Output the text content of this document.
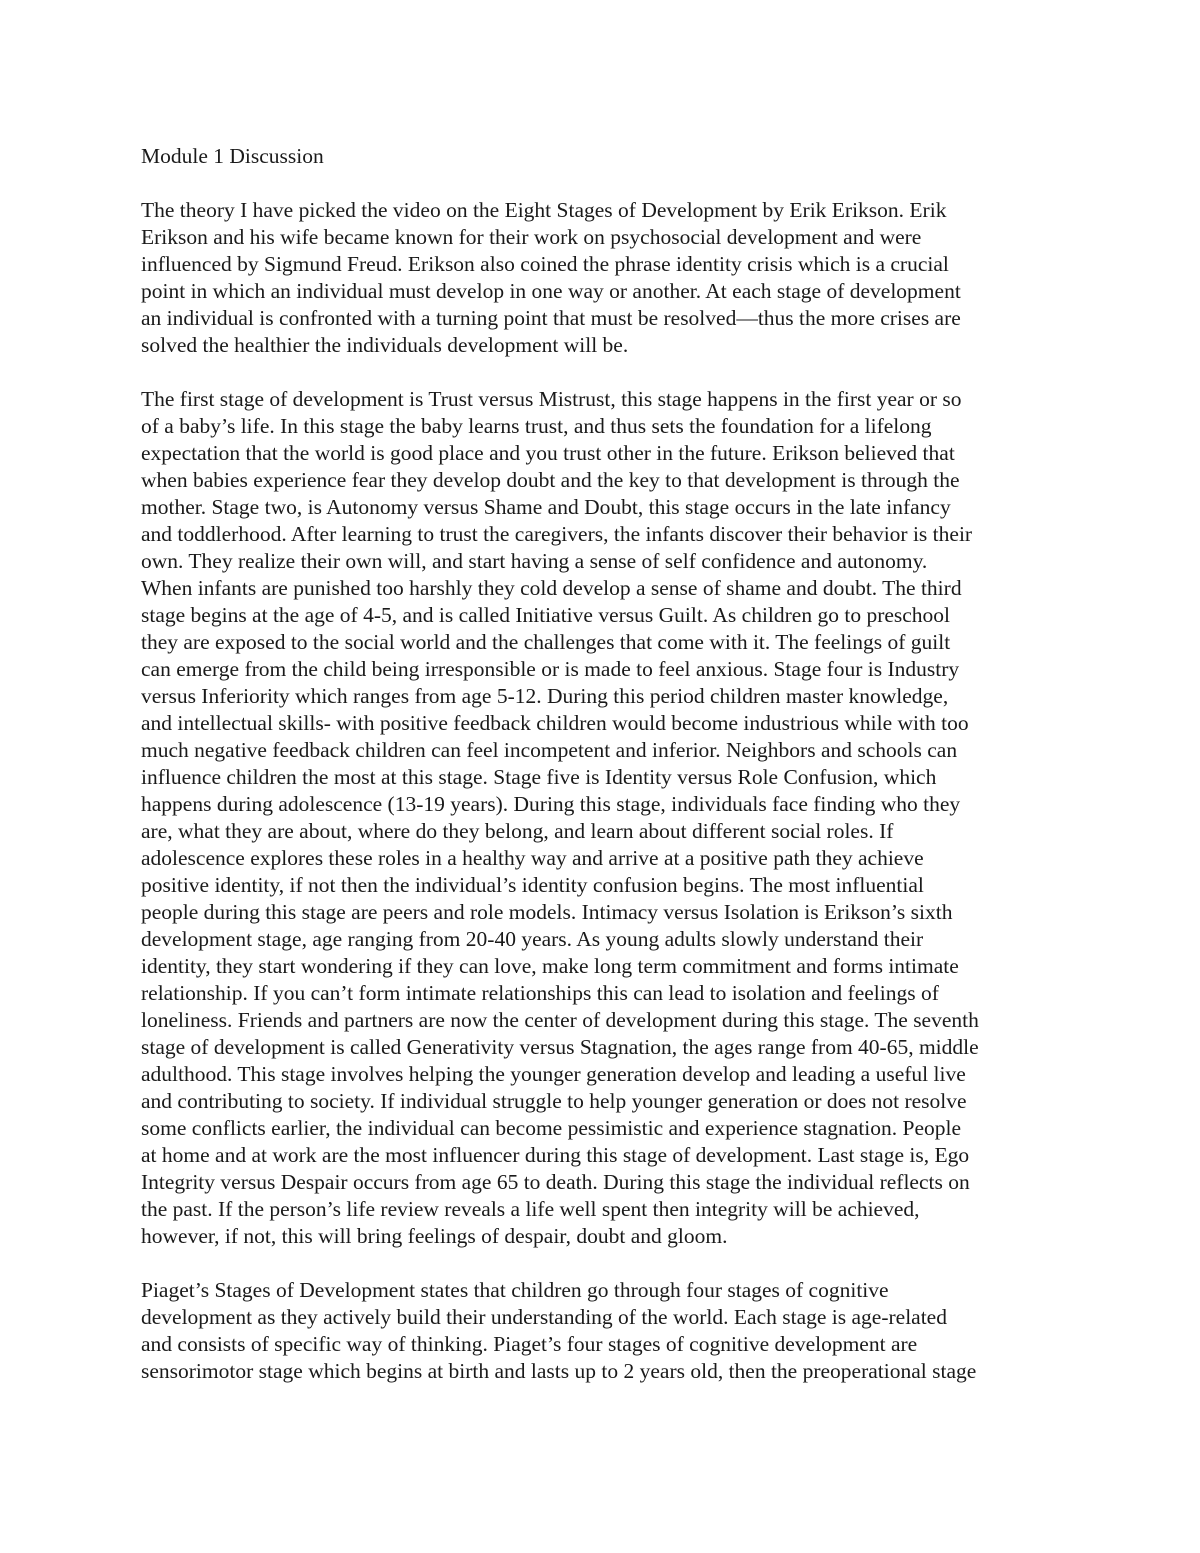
Module 1 Discussion
The theory I have picked the video on the Eight Stages of Development by Erik Erikson. Erik
Erikson and his wife became known for their work on psychosocial development and were
influenced by Sigmund Freud. Erikson also coined the phrase identity crisis which is a crucial
point in which an individual must develop in one way or another. At each stage of development
an individual is confronted with a turning point that must be resolved—thus the more crises are
solved the healthier the individuals development will be.
The first stage of development is Trust versus Mistrust, this stage happens in the first year or so
of a baby’s life. In this stage the baby learns trust, and thus sets the foundation for a lifelong
expectation that the world is good place and you trust other in the future. Erikson believed that
when babies experience fear they develop doubt and the key to that development is through the
mother. Stage two, is Autonomy versus Shame and Doubt, this stage occurs in the late infancy
and toddlerhood. After learning to trust the caregivers, the infants discover their behavior is their
own. They realize their own will, and start having a sense of self confidence and autonomy.
When infants are punished too harshly they cold develop a sense of shame and doubt. The third
stage begins at the age of 4-5, and is called Initiative versus Guilt. As children go to preschool
they are exposed to the social world and the challenges that come with it. The feelings of guilt
can emerge from the child being irresponsible or is made to feel anxious. Stage four is Industry
versus Inferiority which ranges from age 5-12. During this period children master knowledge,
and intellectual skills- with positive feedback children would become industrious while with too
much negative feedback children can feel incompetent and inferior. Neighbors and schools can
influence children the most at this stage. Stage five is Identity versus Role Confusion, which
happens during adolescence (13-19 years). During this stage, individuals face finding who they
are, what they are about, where do they belong, and learn about different social roles. If
adolescence explores these roles in a healthy way and arrive at a positive path they achieve
positive identity, if not then the individual’s identity confusion begins. The most influential
people during this stage are peers and role models. Intimacy versus Isolation is Erikson’s sixth
development stage, age ranging from 20-40 years. As young adults slowly understand their
identity, they start wondering if they can love, make long term commitment and forms intimate
relationship. If you can’t form intimate relationships this can lead to isolation and feelings of
loneliness. Friends and partners are now the center of development during this stage. The seventh
stage of development is called Generativity versus Stagnation, the ages range from 40-65, middle
adulthood. This stage involves helping the younger generation develop and leading a useful live
and contributing to society. If individual struggle to help younger generation or does not resolve
some conflicts earlier, the individual can become pessimistic and experience stagnation. People
at home and at work are the most influencer during this stage of development. Last stage is, Ego
Integrity versus Despair occurs from age 65 to death. During this stage the individual reflects on
the past. If the person’s life review reveals a life well spent then integrity will be achieved,
however, if not, this will bring feelings of despair, doubt and gloom.
Piaget’s Stages of Development states that children go through four stages of cognitive
development as they actively build their understanding of the world. Each stage is age-related
and consists of specific way of thinking. Piaget’s four stages of cognitive development are
sensorimotor stage which begins at birth and lasts up to 2 years old, then the preoperational stage
